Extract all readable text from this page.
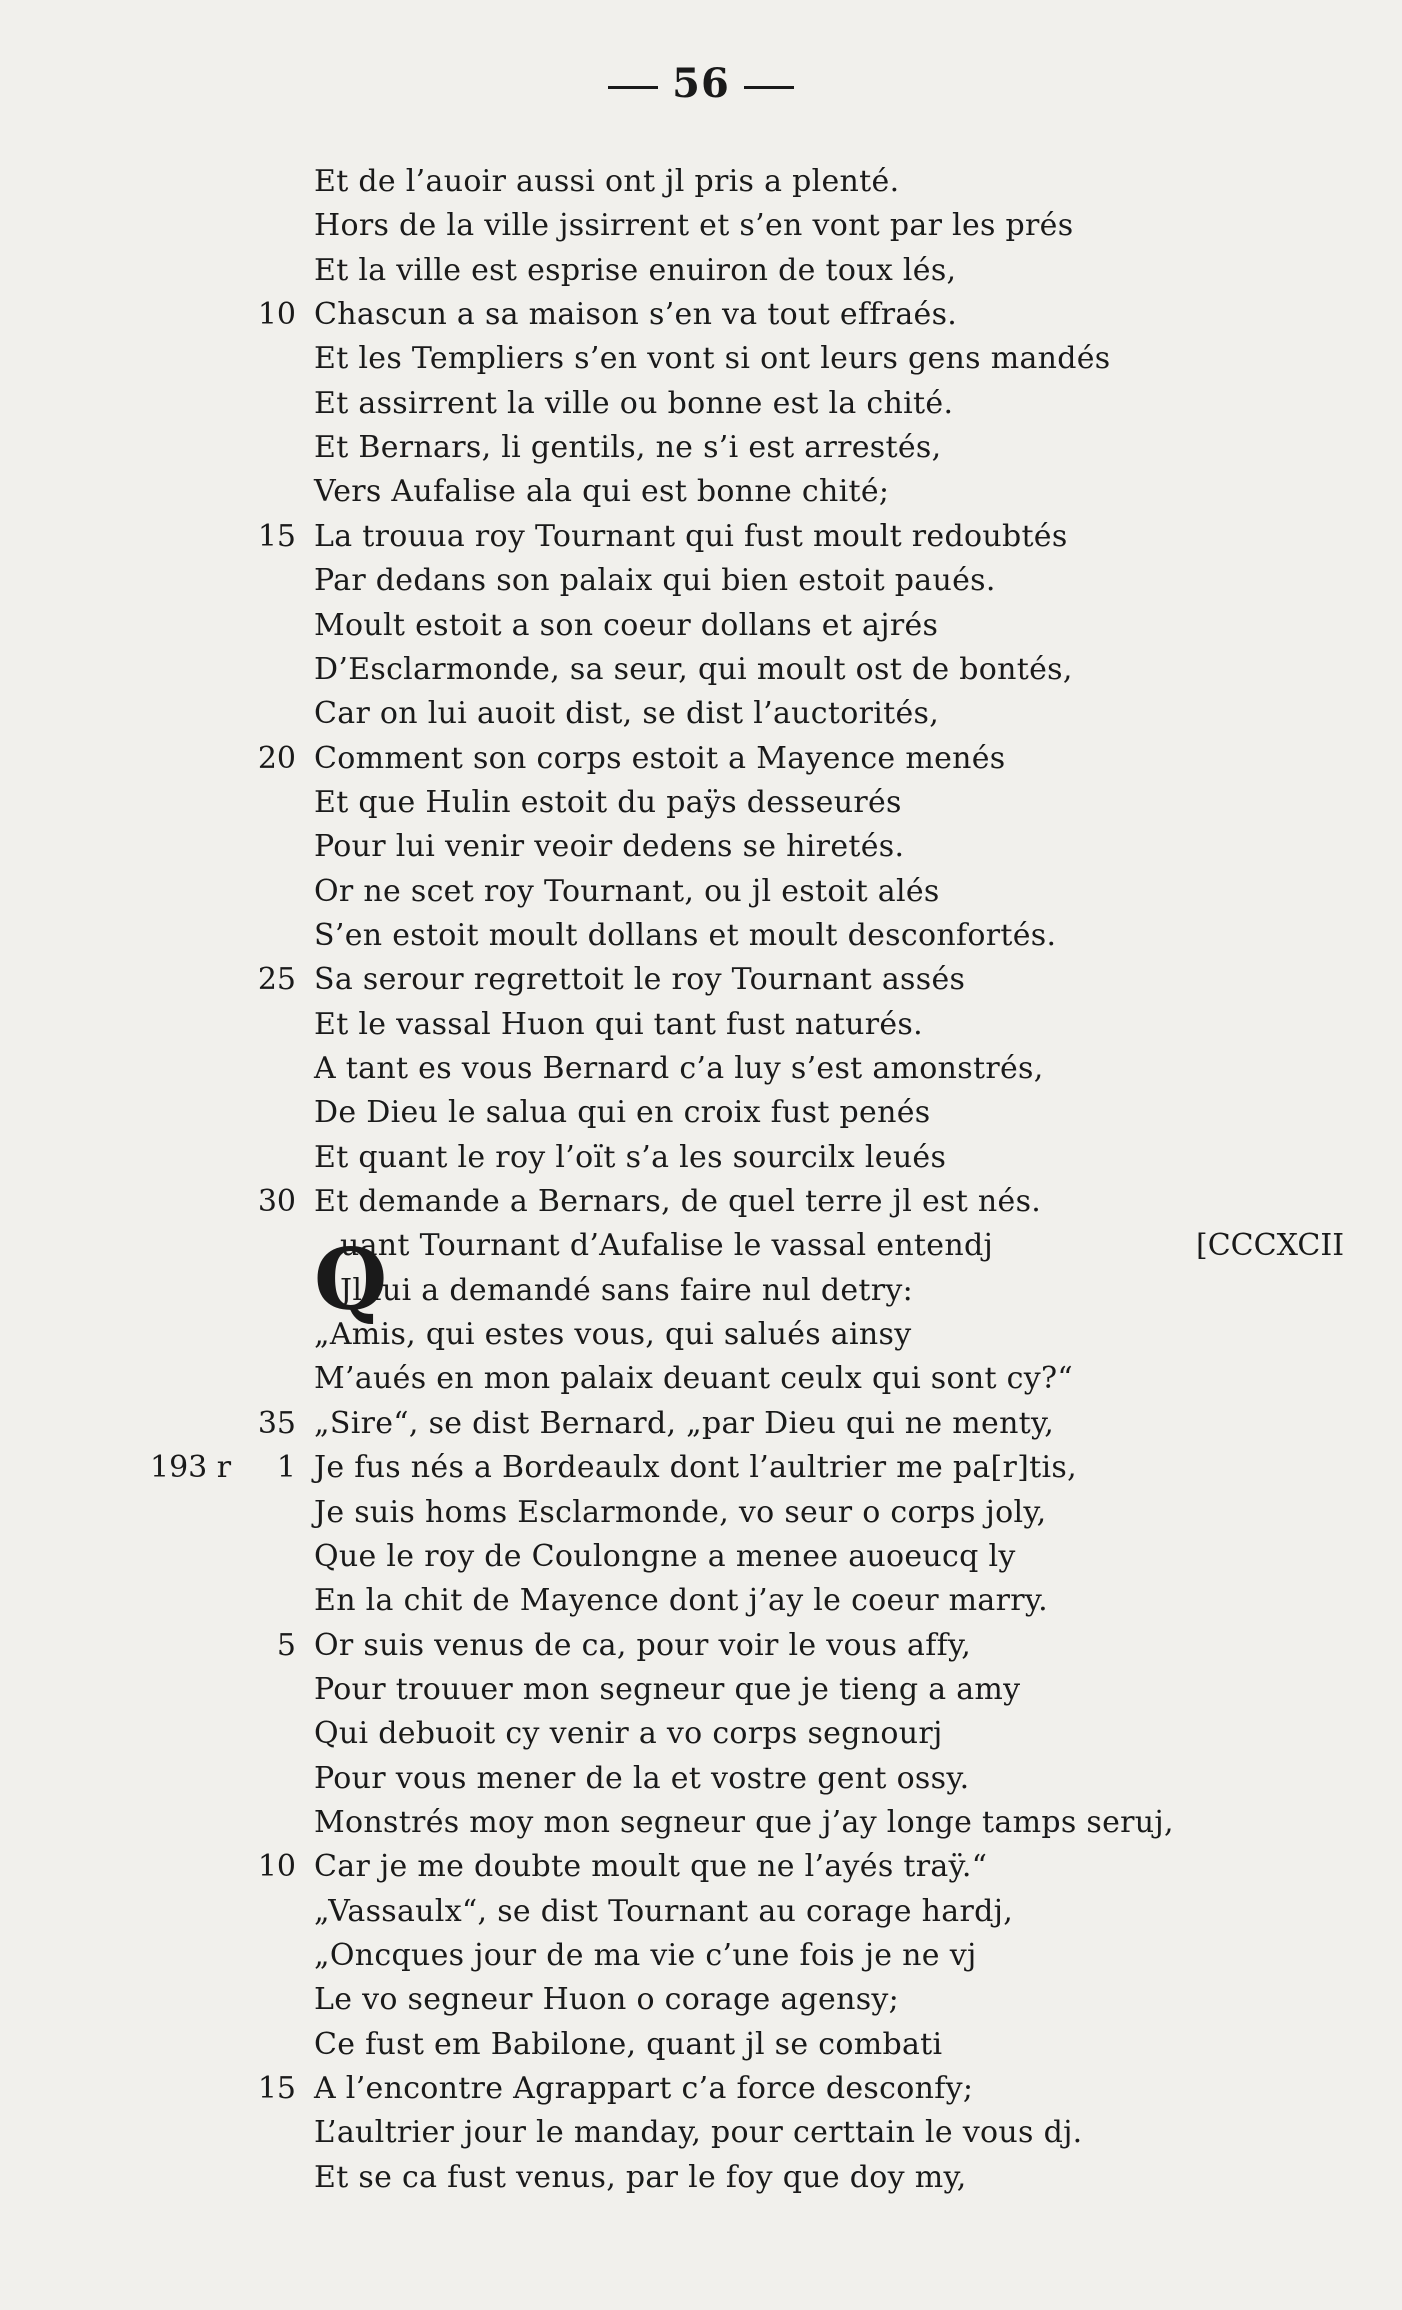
56
Q
Et de l’auoir aussi ont jl pris a plenté.
Hors de la ville jssirrent et s’en vont par les prés
Et la ville est esprise enuiron de toux lés,
10 Chascun a sa maison s’en va tout effraés.
Et les Templiers s’en vont si ont leurs gens mandés
Et assirrent la ville ou bonne est la chité.
Et Bernars, li gentils, ne s’i est arrestés,
Vers Aufalise ala qui est bonne chité;
15 La trouua roy Tournant qui fust moult redoubtés
Par dedans son palaix qui bien estoit paués.
Moult estoit a son coeur dollans et ajrés
D’Esclarmonde, sa seur, qui moult ost de bontés,
Car on lui auoit dist, se dist l’auctorités,
20 Comment son corps estoit a Mayence menés
Et que Hulin estoit du paÿs desseurés
Pour lui venir veoir dedens se hiretés.
Or ne scet roy Tournant, ou jl estoit alés
S’en estoit moult dollans et moult desconfortés.
25 Sa serour regrettoit le roy Tournant assés
Et le vassal Huon qui tant fust naturés.
A tant es vous Bernard c’a luy s’est amonstrés,
De Dieu le salua qui en croix fust penés
Et quant le roy l’oït s’a les sourcilx leués
30 Et demande a Bernars, de quel terre jl est nés.
uant Tournant d’Aufalise le vassal entendj	[CCCXCII
Jl lui a demandé sans faire nul detry:
„Amis, qui estes vous, qui salués ainsy
M’aués en mon palaix deuant ceulx qui sont cy?“
35 „Sire“, se dist Bernard, „par Dieu qui ne menty,
193 r 1 Je fus nés a Bordeaulx dont l’aultrier me pa[r]tis,
Je suis homs Esclarmonde, vo seur o corps joly,
Que le roy de Coulongne a menee auoeucq ly
En la chit de Mayence dont j’ay le coeur marry.
5 Or suis venus de ca, pour voir le vous affy,
Pour trouuer mon segneur que je tieng a amy
Qui debuoit cy venir a vo corps segnourj
Pour vous mener de la et vostre gent ossy.
Monstrés moy mon segneur que j’ay longe tamps seruj,
10 Car je me doubte moult que ne l’ayés traÿ.“
„Vassaulx“, se dist Tournant au corage hardj,
„Oncques jour de ma vie c’une fois je ne vj
Le vo segneur Huon o corage agensy;
Ce fust em Babilone, quant jl se combati
15 A l’encontre Agrappart c’a force desconfy;
L’aultrier jour le manday, pour certtain le vous dj.
Et se ca fust venus, par le foy que doy my,
